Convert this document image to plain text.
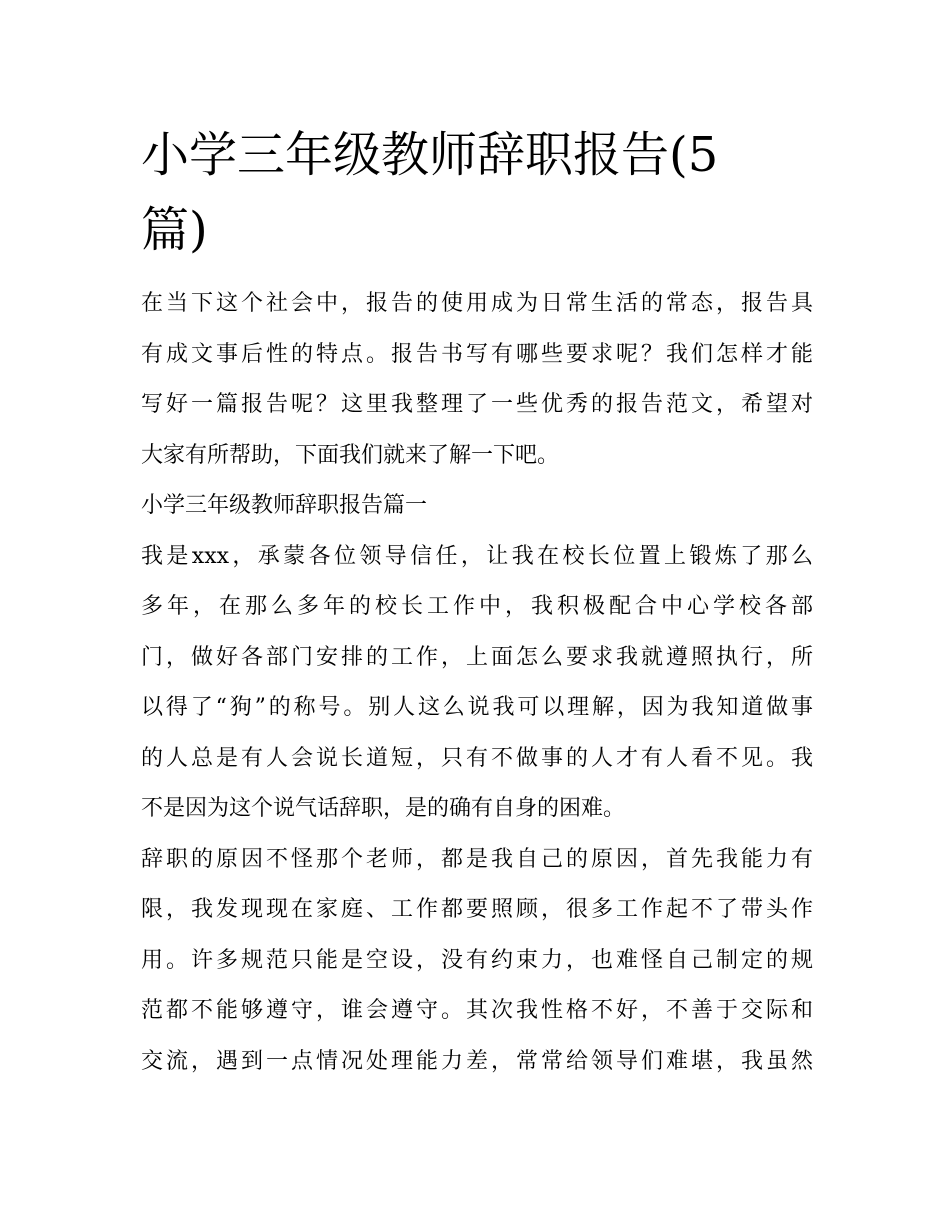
小学三年级教师辞职报告(5
篇)
在当下这个社会中，报告的使用成为日常生活的常态，报告具
有成文事后性的特点。报告书写有哪些要求呢？我们怎样才能
写好一篇报告呢？这里我整理了一些优秀的报告范文，希望对
大家有所帮助，下面我们就来了解一下吧。
小学三年级教师辞职报告篇一
我是xxx，承蒙各位领导信任，让我在校长位置上锻炼了那么
多年，在那么多年的校长工作中，我积极配合中心学校各部
门，做好各部门安排的工作，上面怎么要求我就遵照执行，所
以得了“狗”的称号。别人这么说我可以理解，因为我知道做事
的人总是有人会说长道短，只有不做事的人才有人看不见。我
不是因为这个说气话辞职，是的确有自身的困难。
辞职的原因不怪那个老师，都是我自己的原因，首先我能力有
限，我发现现在家庭、工作都要照顾，很多工作起不了带头作
用。许多规范只能是空设，没有约束力，也难怪自己制定的规
范都不能够遵守，谁会遵守。其次我性格不好，不善于交际和
交流，遇到一点情况处理能力差，常常给领导们难堪，我虽然
